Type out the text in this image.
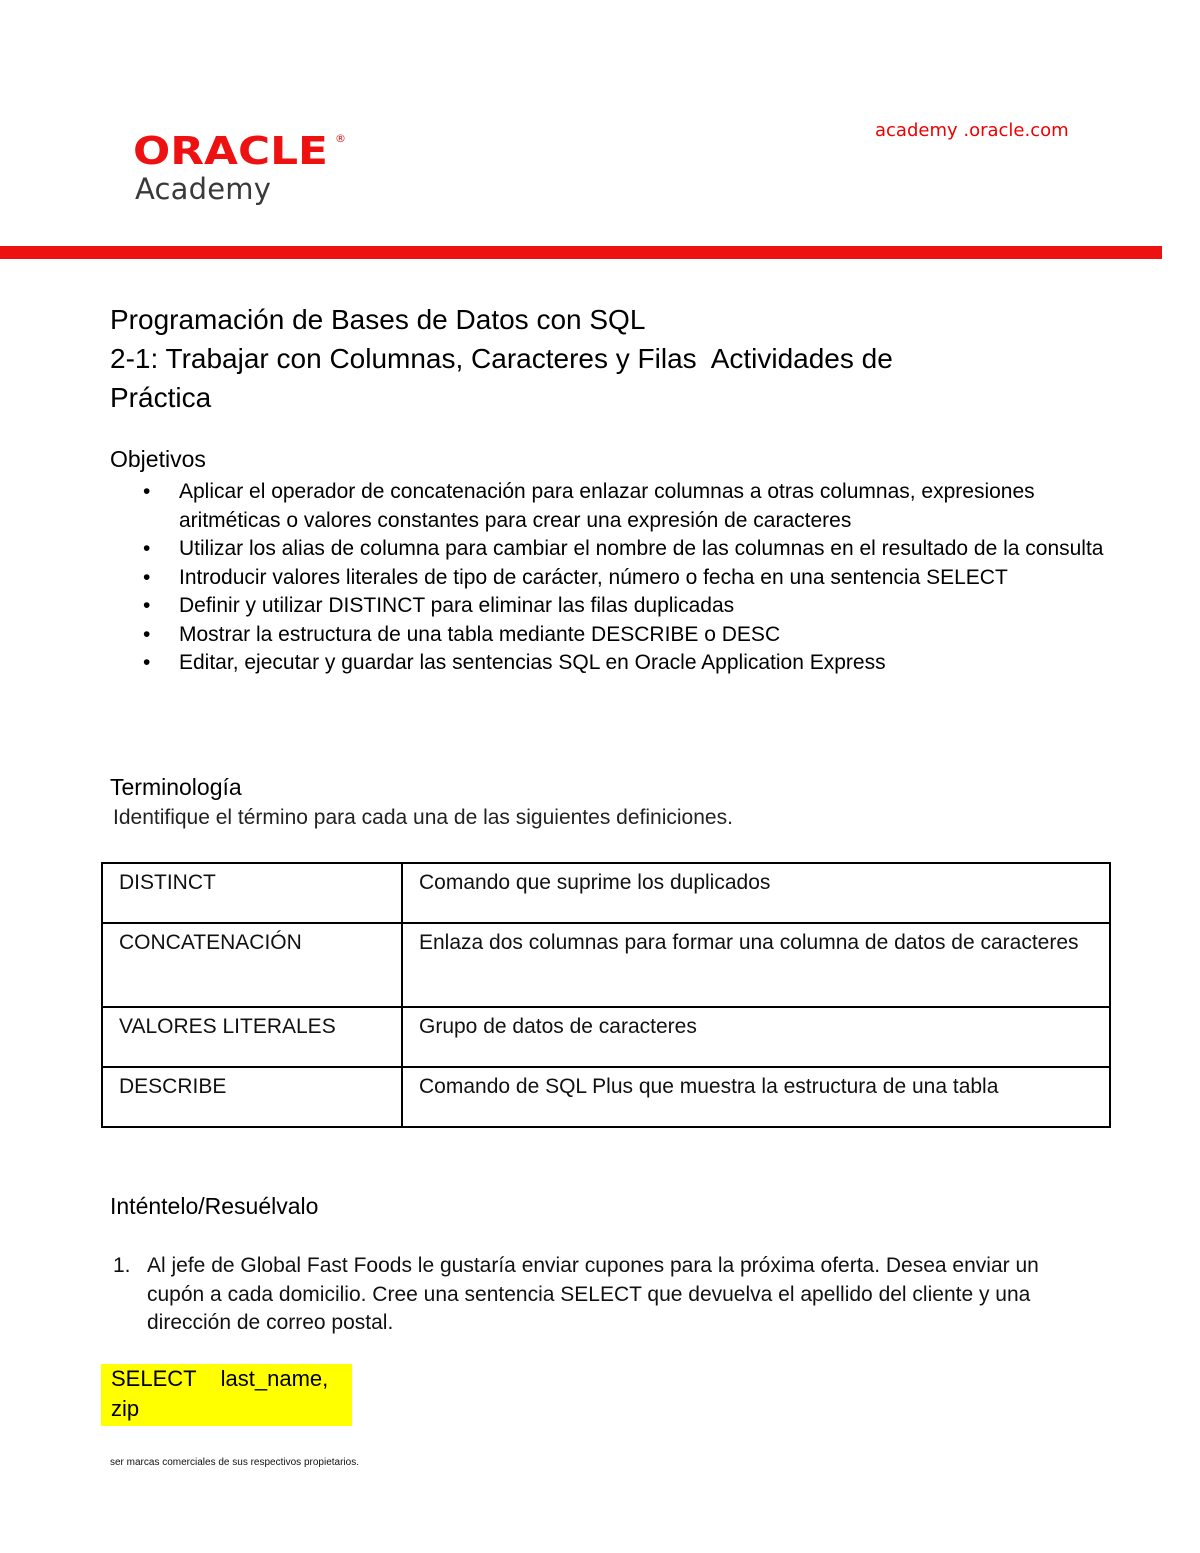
ORACLE ®
Academy
academy .oracle.com
Programación de Bases de Datos con SQL
2-1: Trabajar con Columnas, Caracteres y Filas  Actividades de
Práctica
Objetivos
• Aplicar el operador de concatenación para enlazar columnas a otras columnas, expresiones aritméticas o valores constantes para crear una expresión de caracteres
• Utilizar los alias de columna para cambiar el nombre de las columnas en el resultado de la consulta
• Introducir valores literales de tipo de carácter, número o fecha en una sentencia SELECT
• Definir y utilizar DISTINCT para eliminar las filas duplicadas
• Mostrar la estructura de una tabla mediante DESCRIBE o DESC
• Editar, ejecutar y guardar las sentencias SQL en Oracle Application Express
Terminología
Identifique el término para cada una de las siguientes definiciones.
DISTINCT	Comando que suprime los duplicados
CONCATENACIÓN	Enlaza dos columnas para formar una columna de datos de caracteres
VALORES LITERALES	Grupo de datos de caracteres
DESCRIBE	Comando de SQL Plus que muestra la estructura de una tabla
Inténtelo/Resuélvalo
1. Al jefe de Global Fast Foods le gustaría enviar cupones para la próxima oferta. Desea enviar un cupón a cada domicilio. Cree una sentencia SELECT que devuelva el apellido del cliente y una dirección de correo postal.
SELECT    last_name,
zip
ser marcas comerciales de sus respectivos propietarios.
